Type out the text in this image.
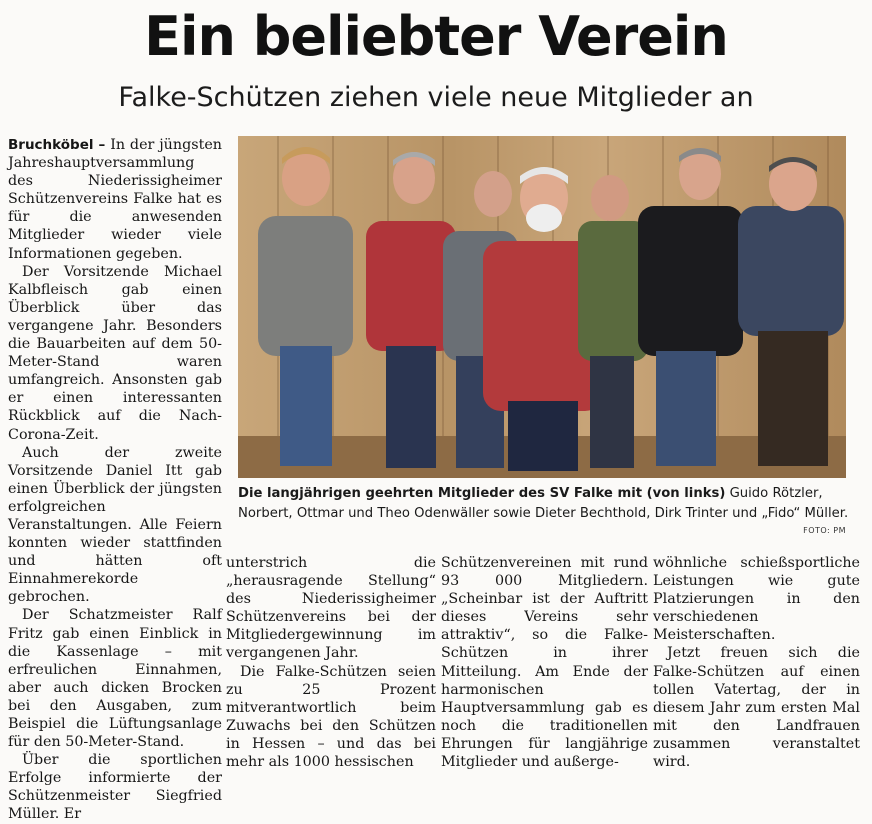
Ein beliebter Verein
Falke-Schützen ziehen viele neue Mitglieder an

Bruchköbel – In der jüngsten Jahreshauptversammlung des Niederissigheimer Schützenvereins Falke hat es für die anwesenden Mitglieder wieder viele Informationen gegeben.

Der Vorsitzende Michael Kalbfleisch gab einen Überblick über das vergangene Jahr. Besonders die Bauarbeiten auf dem 50-Meter-Stand waren umfangreich. Ansonsten gab er einen interessanten Rückblick auf die Nach-Corona-Zeit.

Auch der zweite Vorsitzende Daniel Itt gab einen Überblick der jüngsten erfolgreichen Veranstaltungen. Alle Feiern konnten wieder stattfinden und hätten oft Einnahmerekorde gebrochen.

Der Schatzmeister Ralf Fritz gab einen Einblick in die Kassenlage – mit erfreulichen Einnahmen, aber auch dicken Brocken bei den Ausgaben, zum Beispiel die Lüftungsanlage für den 50-Meter-Stand.

Über die sportlichen Erfolge informierte der Schützenmeister Siegfried Müller. Er

Die langjährigen geehrten Mitglieder des SV Falke mit (von links) Guido Rötzler, Norbert, Ottmar und Theo Odenwäller sowie Dieter Bechthold, Dirk Trinter und „Fido“ Müller.
FOTO: PM

unterstrich die „herausragende Stellung“ des Niederissigheimer Schützenvereins bei der Mitgliedergewinnung im vergangenen Jahr.

Die Falke-Schützen seien zu 25 Prozent mitverantwortlich beim Zuwachs bei den Schützen in Hessen – und das bei mehr als 1000 hessischen

Schützenvereinen mit rund 93 000 Mitgliedern. „Scheinbar ist der Auftritt dieses Vereins sehr attraktiv“, so die Falke-Schützen in ihrer Mitteilung. Am Ende der harmonischen Hauptversammlung gab es noch die traditionellen Ehrungen für langjährige Mitglieder und außerge-

wöhnliche schießsportliche Leistungen wie gute Platzierungen in den verschiedenen Meisterschaften.

Jetzt freuen sich die Falke-Schützen auf einen tollen Vatertag, der in diesem Jahr zum ersten Mal mit den Landfrauen zusammen veranstaltet wird.
